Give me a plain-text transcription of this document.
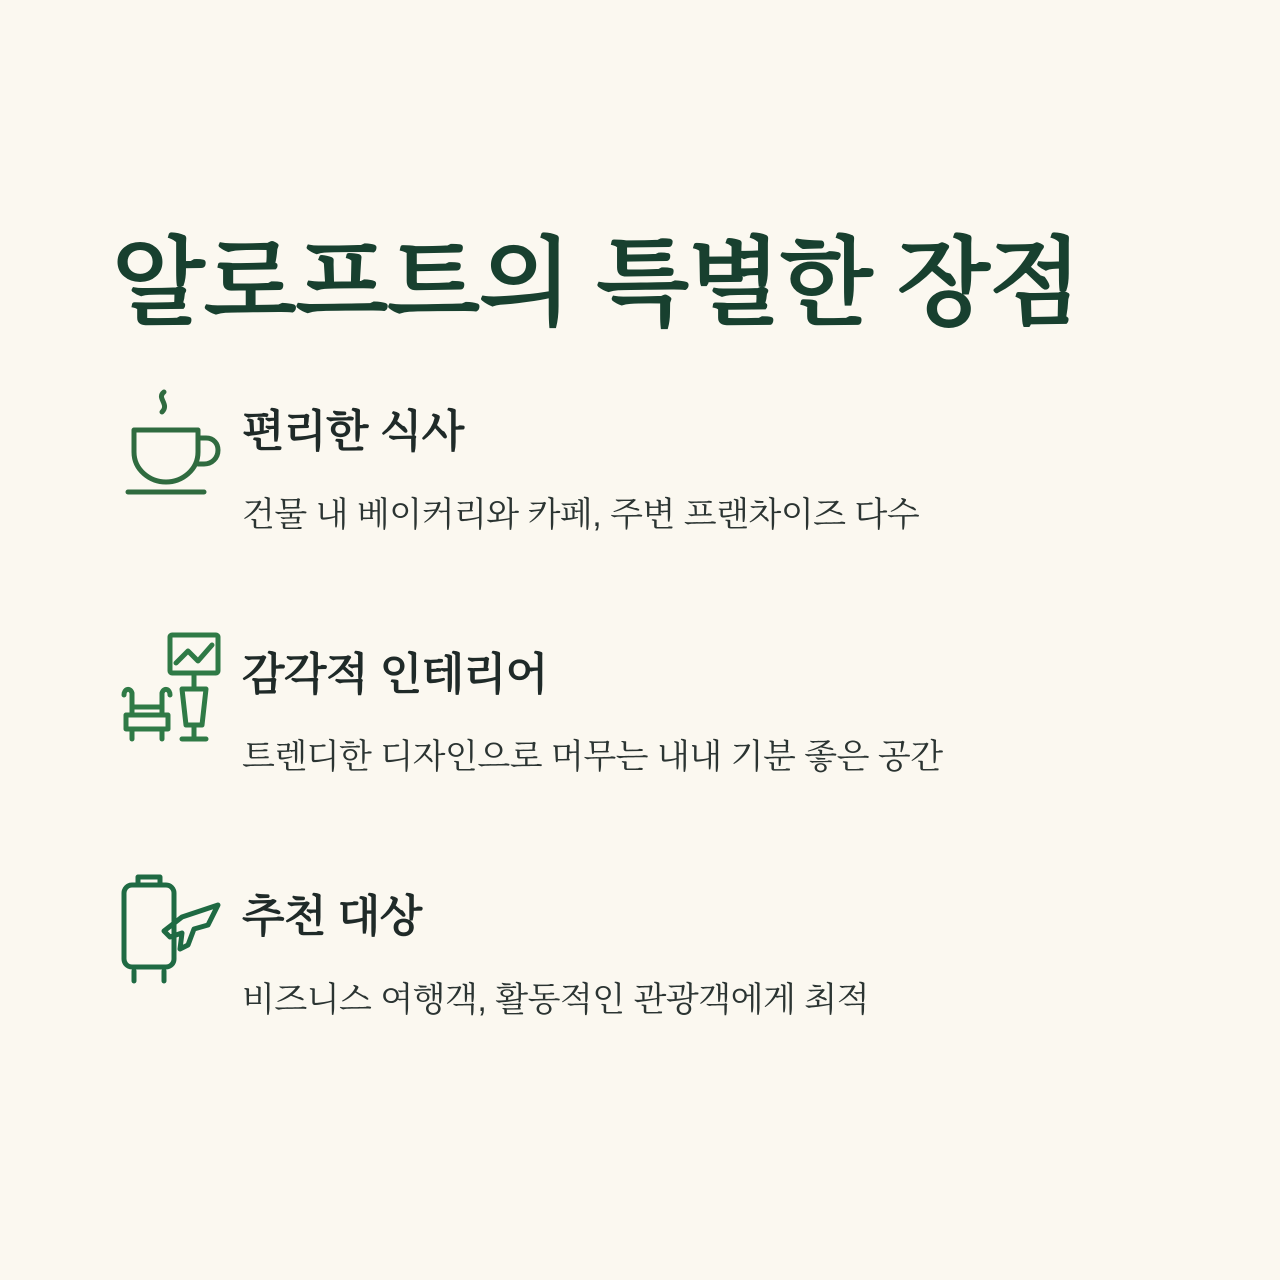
알로프트의 특별한 장점

편리한 식사

건물 내 베이커리와 카페, 주변 프랜차이즈 다수

감각적 인테리어

트렌디한 디자인으로 머무는 내내 기분 좋은 공간

추천 대상

비즈니스 여행객, 활동적인 관광객에게 최적
